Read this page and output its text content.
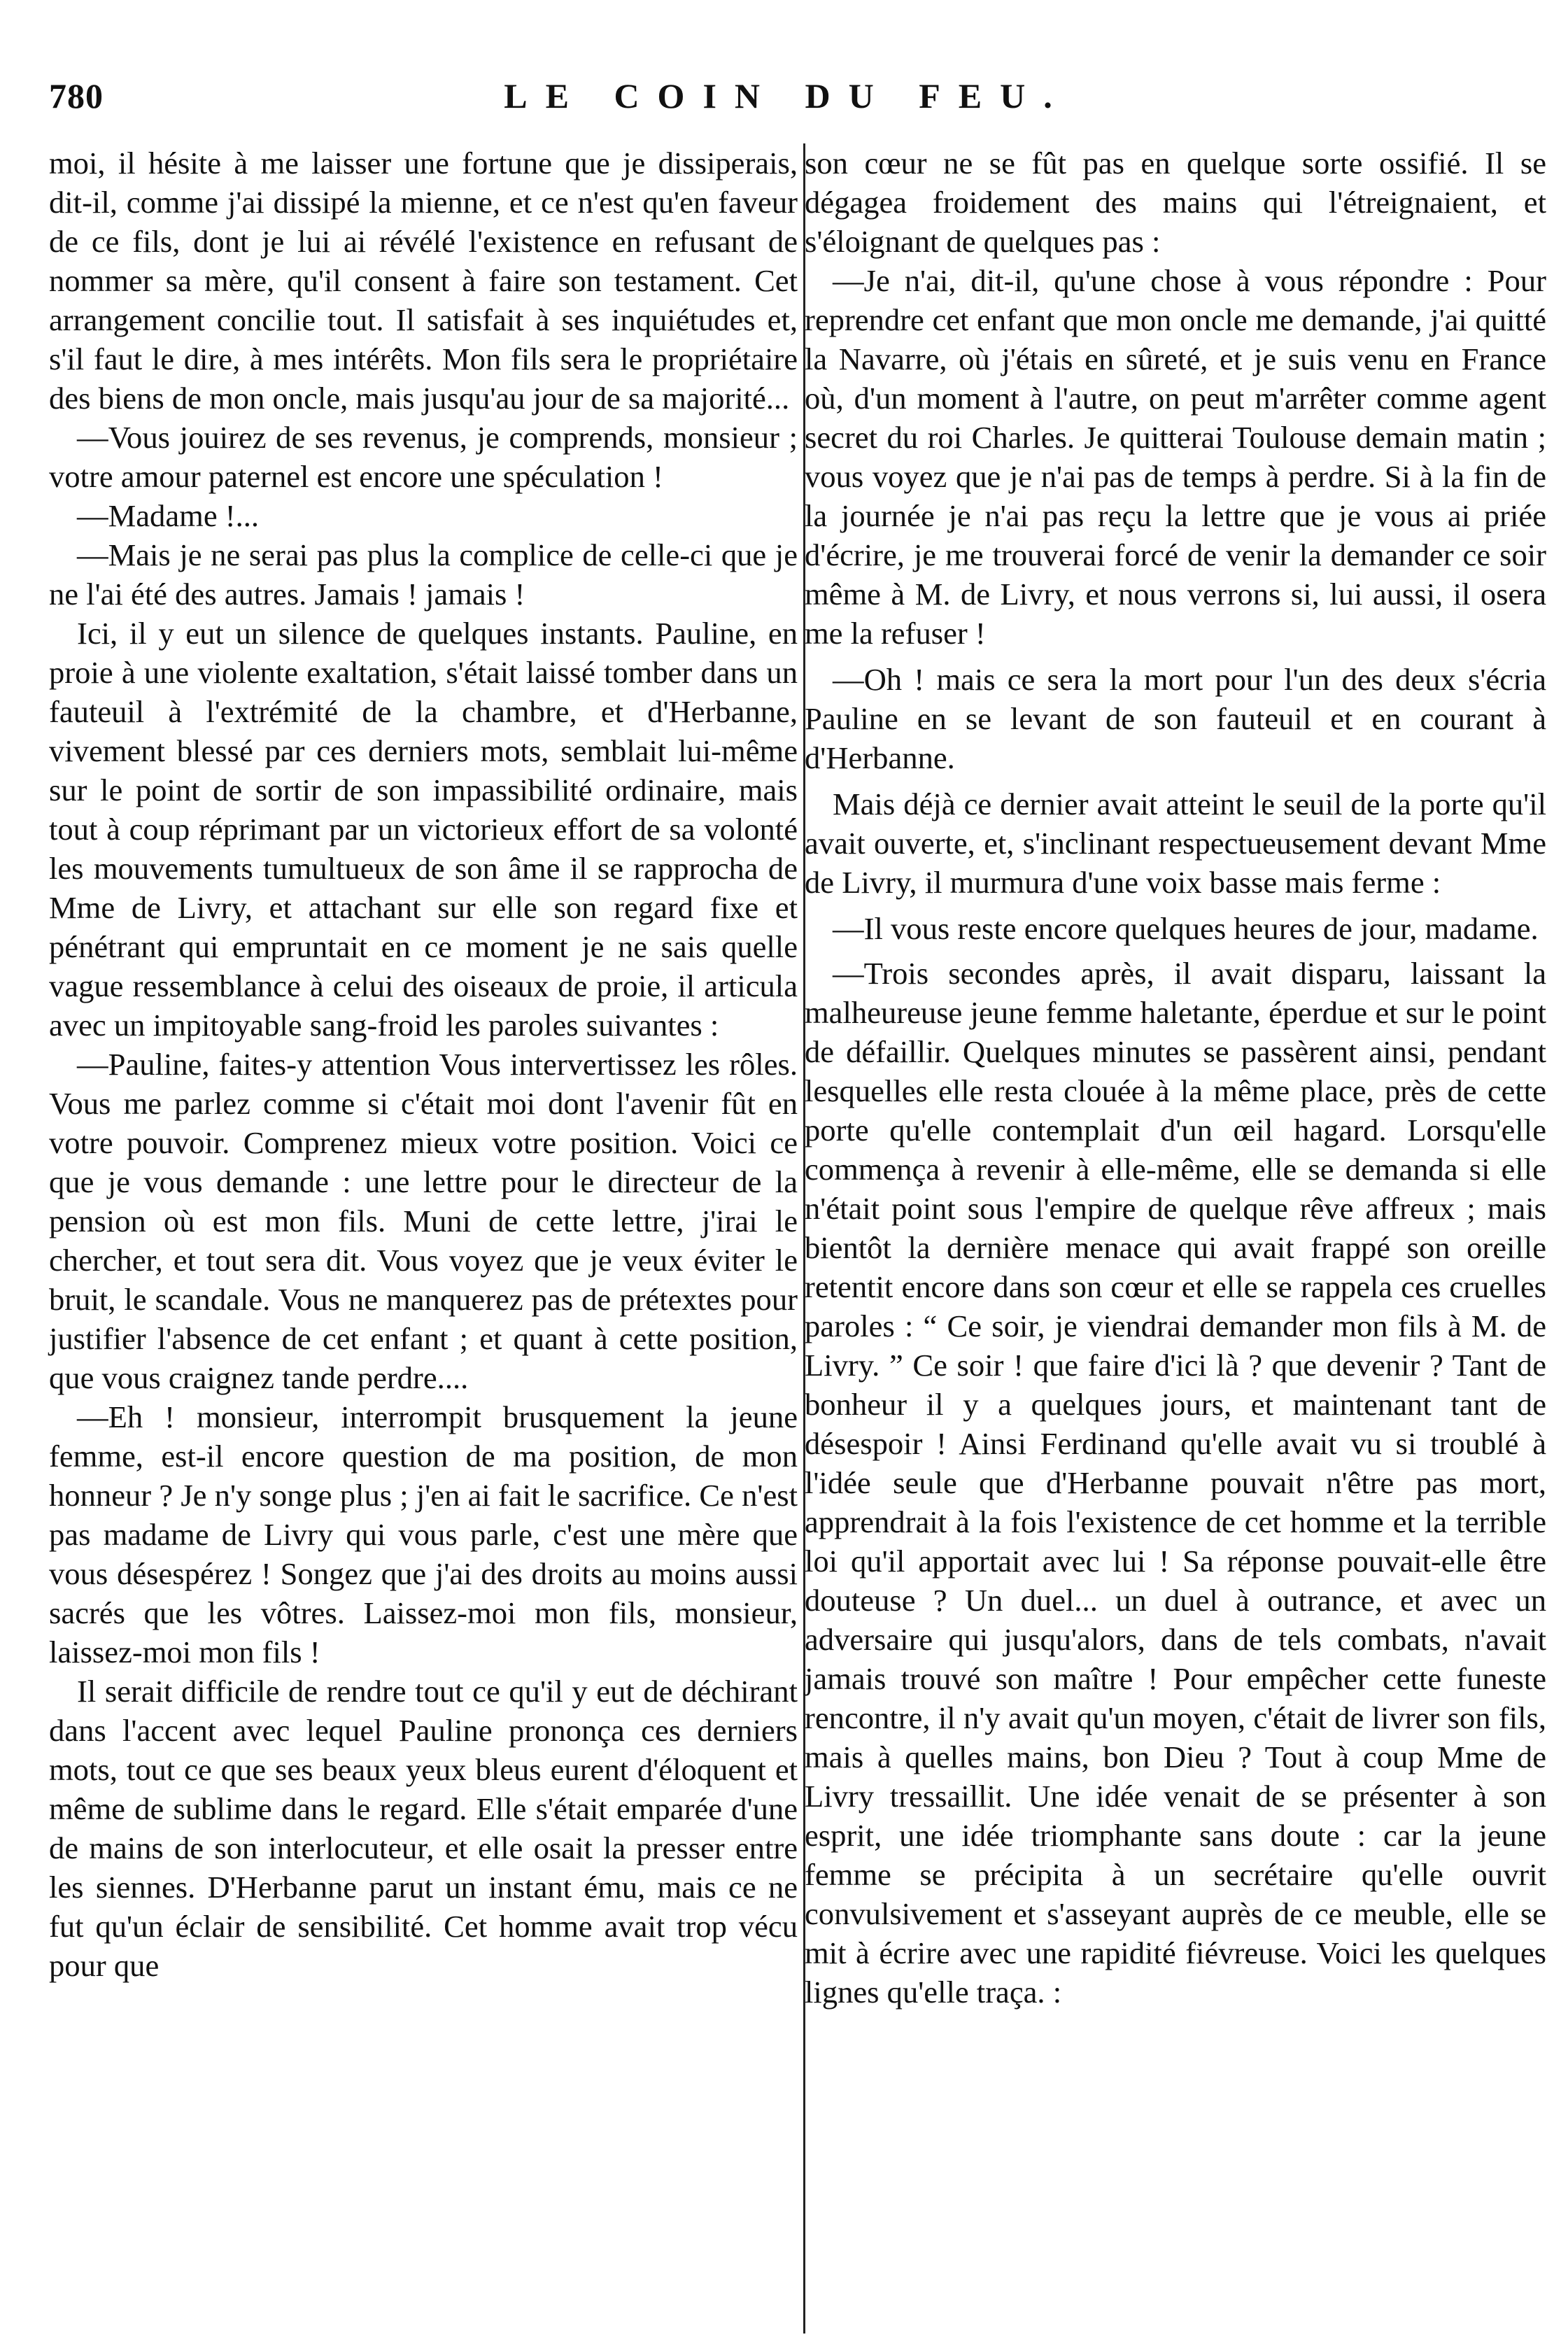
780	LE COIN DU FEU.

moi, il hésite à me laisser une fortune que je dissiperais, dit-il, comme j'ai dissipé la mienne, et ce n'est qu'en faveur de ce fils, dont je lui ai révélé l'existence en refusant de nommer sa mère, qu'il consent à faire son testament. Cet arrangement concilie tout. Il satisfait à ses inquiétudes et, s'il faut le dire, à mes intérêts. Mon fils sera le propriétaire des biens de mon oncle, mais jusqu'au jour de sa majorité...

—Vous jouirez de ses revenus, je comprends, monsieur ; votre amour paternel est encore une spéculation !

—Madame !...

—Mais je ne serai pas plus la complice de celle-ci que je ne l'ai été des autres. Jamais ! jamais !

Ici, il y eut un silence de quelques instants. Pauline, en proie à une violente exaltation, s'était laissé tomber dans un fauteuil à l'extrémité de la chambre, et d'Herbanne, vivement blessé par ces derniers mots, semblait lui-même sur le point de sortir de son impassibilité ordinaire, mais tout à coup réprimant par un victorieux effort de sa volonté les mouvements tumultueux de son âme il se rapprocha de Mme de Livry, et attachant sur elle son regard fixe et pénétrant qui empruntait en ce moment je ne sais quelle vague ressemblance à celui des oiseaux de proie, il articula avec un impitoyable sang-froid les paroles suivantes :

—Pauline, faites-y attention Vous intervertissez les rôles. Vous me parlez comme si c'était moi dont l'avenir fût en votre pouvoir. Comprenez mieux votre position. Voici ce que je vous demande : une lettre pour le directeur de la pension où est mon fils. Muni de cette lettre, j'irai le chercher, et tout sera dit. Vous voyez que je veux éviter le bruit, le scandale. Vous ne manquerez pas de prétextes pour justifier l'absence de cet enfant ; et quant à cette position, que vous craignez tande perdre....

—Eh ! monsieur, interrompit brusquement la jeune femme, est-il encore question de ma position, de mon honneur ? Je n'y songe plus ; j'en ai fait le sacrifice. Ce n'est pas madame de Livry qui vous parle, c'est une mère que vous désespérez ! Songez que j'ai des droits au moins aussi sacrés que les vôtres. Laissez-moi mon fils, monsieur, laissez-moi mon fils !

Il serait difficile de rendre tout ce qu'il y eut de déchirant dans l'accent avec lequel Pauline prononça ces derniers mots, tout ce que ses beaux yeux bleus eurent d'éloquent et même de sublime dans le regard. Elle s'était emparée d'une de mains de son interlocuteur, et elle osait la presser entre les siennes. D'Herbanne parut un instant ému, mais ce ne fut qu'un éclair de sensibilité. Cet homme avait trop vécu pour que

son cœur ne se fût pas en quelque sorte ossifié. Il se dégagea froidement des mains qui l'étreignaient, et s'éloignant de quelques pas :

—Je n'ai, dit-il, qu'une chose à vous répondre : Pour reprendre cet enfant que mon oncle me demande, j'ai quitté la Navarre, où j'étais en sûreté, et je suis venu en France où, d'un moment à l'autre, on peut m'arrêter comme agent secret du roi Charles. Je quitterai Toulouse demain matin ; vous voyez que je n'ai pas de temps à perdre. Si à la fin de la journée je n'ai pas reçu la lettre que je vous ai priée d'écrire, je me trouverai forcé de venir la demander ce soir même à M. de Livry, et nous verrons si, lui aussi, il osera me la refuser !

—Oh ! mais ce sera la mort pour l'un des deux s'écria Pauline en se levant de son fauteuil et en courant à d'Herbanne.

Mais déjà ce dernier avait atteint le seuil de la porte qu'il avait ouverte, et, s'inclinant respectueusement devant Mme de Livry, il murmura d'une voix basse mais ferme :

—Il vous reste encore quelques heures de jour, madame.

—Trois secondes après, il avait disparu, laissant la malheureuse jeune femme haletante, éperdue et sur le point de défaillir. Quelques minutes se passèrent ainsi, pendant lesquelles elle resta clouée à la même place, près de cette porte qu'elle contemplait d'un œil hagard. Lorsqu'elle commença à revenir à elle-même, elle se demanda si elle n'était point sous l'empire de quelque rêve affreux ; mais bientôt la dernière menace qui avait frappé son oreille retentit encore dans son cœur et elle se rappela ces cruelles paroles : “ Ce soir, je viendrai demander mon fils à M. de Livry. ” Ce soir ! que faire d'ici là ? que devenir ? Tant de bonheur il y a quelques jours, et maintenant tant de désespoir ! Ainsi Ferdinand qu'elle avait vu si troublé à l'idée seule que d'Herbanne pouvait n'être pas mort, apprendrait à la fois l'existence de cet homme et la terrible loi qu'il apportait avec lui ! Sa réponse pouvait-elle être douteuse ? Un duel... un duel à outrance, et avec un adversaire qui jusqu'alors, dans de tels combats, n'avait jamais trouvé son maître ! Pour empêcher cette funeste rencontre, il n'y avait qu'un moyen, c'était de livrer son fils, mais à quelles mains, bon Dieu ? Tout à coup Mme de Livry tressaillit. Une idée venait de se présenter à son esprit, une idée triomphante sans doute : car la jeune femme se précipita à un secrétaire qu'elle ouvrit convulsivement et s'asseyant auprès de ce meuble, elle se mit à écrire avec une rapidité fiévreuse. Voici les quelques lignes qu'elle traça. :
